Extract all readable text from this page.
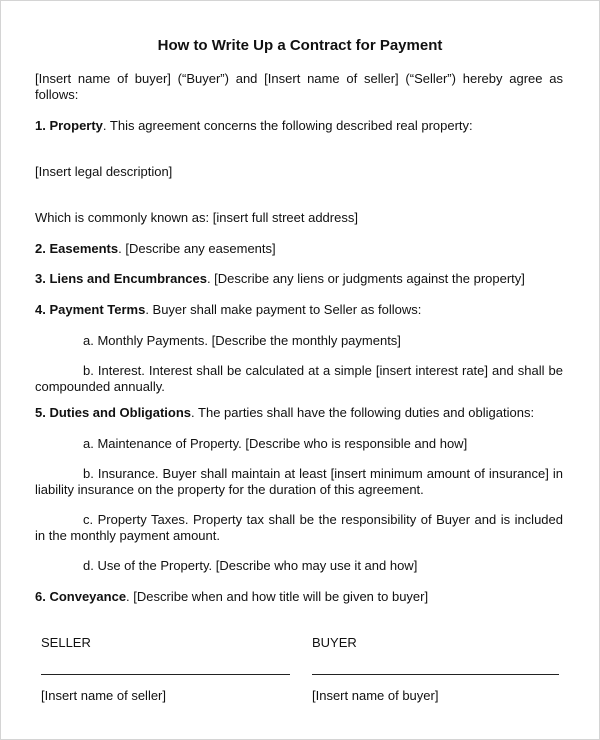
How to Write Up a Contract for Payment
[Insert name of buyer] (“Buyer”) and [Insert name of seller] (“Seller”) hereby agree as follows:
1. Property. This agreement concerns the following described real property:
[Insert legal description]
Which is commonly known as: [insert full street address]
2. Easements. [Describe any easements]
3. Liens and Encumbrances. [Describe any liens or judgments against the property]
4. Payment Terms. Buyer shall make payment to Seller as follows:
a. Monthly Payments. [Describe the monthly payments]
b. Interest. Interest shall be calculated at a simple [insert interest rate] and shall be compounded annually.
5. Duties and Obligations. The parties shall have the following duties and obligations:
a. Maintenance of Property. [Describe who is responsible and how]
b. Insurance. Buyer shall maintain at least [insert minimum amount of insurance] in liability insurance on the property for the duration of this agreement.
c. Property Taxes. Property tax shall be the responsibility of Buyer and is included in the monthly payment amount.
d. Use of the Property. [Describe who may use it and how]
6. Conveyance. [Describe when and how title will be given to buyer]
SELLER	BUYER
[Insert name of seller]	[Insert name of buyer]
